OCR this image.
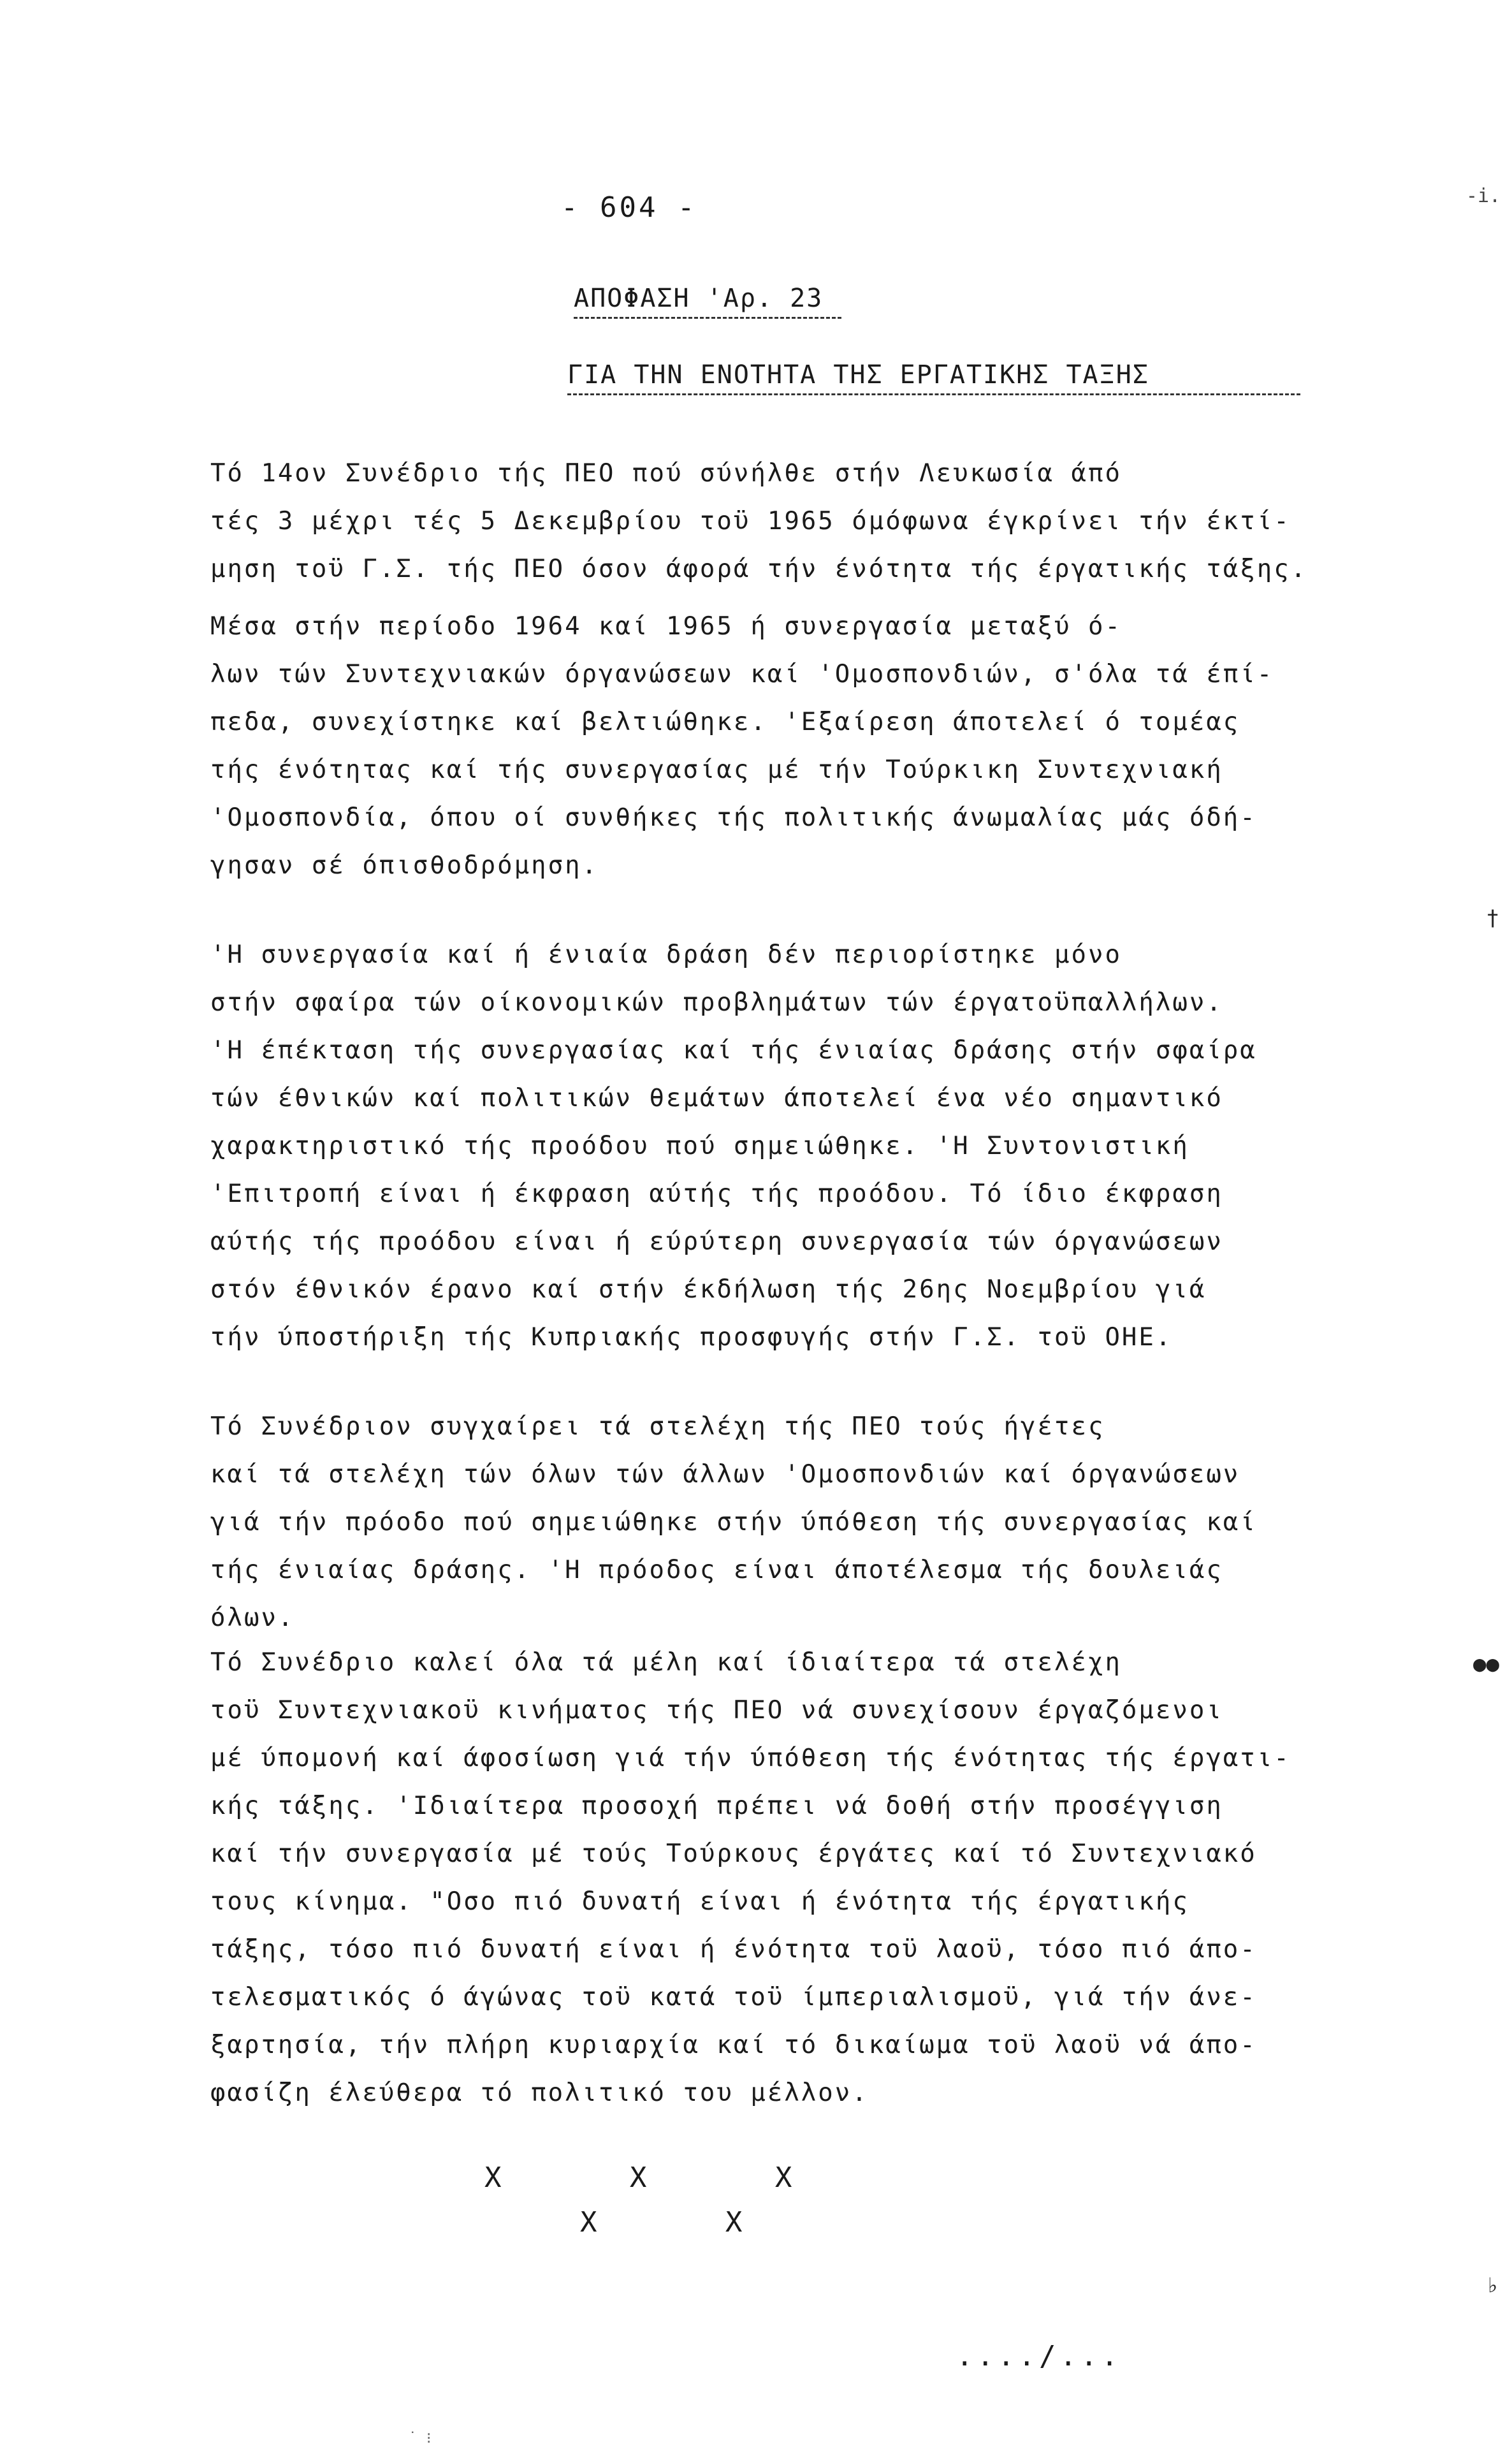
- 604 -	-i.
†
●●
♭
ΑΠΟΦΑΣΗ 'Αρ. 23
ΓΙΑ ΤΗΝ ΕΝΟΤΗΤΑ ΤΗΣ ΕΡΓΑΤΙΚΗΣ ΤΑΞΗΣ

Τό 14ον Συνέδριο τής ΠΕΟ πού σύνήλθε στήν Λευκωσία άπό

τές 3 μέχρι τές 5 Δεκεμβρίου τοϋ 1965 όμόφωνα έγκρίνει τήν έκτί-

μηση τοϋ Γ.Σ. τής ΠΕΟ όσον άφορά τήν ένότητα τής έργατικής τάξης.

Μέσα στήν περίοδο 1964 καί 1965 ή συνεργασία μεταξύ ό-

λων τών Συντεχνιακών όργανώσεων καί 'Ομοσπονδιών, σ'όλα τά έπί-

πεδα, συνεχίστηκε καί βελτιώθηκε. 'Εξαίρεση άποτελεί ό τομέας

τής ένότητας καί τής συνεργασίας μέ τήν Τούρκικη Συντεχνιακή

'Ομοσπονδία, όπου οί συνθήκες τής πολιτικής άνωμαλίας μάς όδή-

γησαν σέ όπισθοδρόμηση.

'Η συνεργασία καί ή ένιαία δράση δέν περιορίστηκε μόνο

στήν σφαίρα τών οίκονομικών προβλημάτων τών έργατοϋπαλλήλων.

'Η έπέκταση τής συνεργασίας καί τής ένιαίας δράσης στήν σφαίρα

τών έθνικών καί πολιτικών θεμάτων άποτελεί ένα νέο σημαντικό

χαρακτηριστικό τής προόδου πού σημειώθηκε. 'Η Συντονιστική

'Επιτροπή είναι ή έκφραση αύτής τής προόδου. Τό ίδιο έκφραση

αύτής τής προόδου είναι ή εύρύτερη συνεργασία τών όργανώσεων

στόν έθνικόν έρανο καί στήν έκδήλωση τής 26ης Νοεμβρίου γιά

τήν ύποστήριξη τής Κυπριακής προσφυγής στήν Γ.Σ. τοϋ ΟΗΕ.

Τό Συνέδριον συγχαίρει τά στελέχη τής ΠΕΟ τούς ήγέτες

καί τά στελέχη τών όλων τών άλλων 'Ομοσπονδιών καί όργανώσεων

γιά τήν πρόοδο πού σημειώθηκε στήν ύπόθεση τής συνεργασίας καί

τής ένιαίας δράσης. 'Η πρόοδος είναι άποτέλεσμα τής δουλειάς

όλων.

Τό Συνέδριο καλεί όλα τά μέλη καί ίδιαίτερα τά στελέχη

τοϋ Συντεχνιακοϋ κινήματος τής ΠΕΟ νά συνεχίσουν έργαζόμενοι

μέ ύπομονή καί άφοσίωση γιά τήν ύπόθεση τής ένότητας τής έργατι-

κής τάξης. 'Ιδιαίτερα προσοχή πρέπει νά δοθή στήν προσέγγιση

καί τήν συνεργασία μέ τούς Τούρκους έργάτες καί τό Συντεχνιακό

τους κίνημα. "Οσο πιό δυνατή είναι ή ένότητα τής έργατικής

τάξης, τόσο πιό δυνατή είναι ή ένότητα τοϋ λαοϋ, τόσο πιό άπο-

τελεσματικός ό άγώνας τοϋ κατά τοϋ ίμπεριαλισμοϋ, γιά τήν άνε-

ξαρτησία, τήν πλήρη κυριαρχία καί τό δικαίωμα τοϋ λαοϋ νά άπο-

φασίζη έλεύθερα τό πολιτικό του μέλλον.

X       X       X
X       X
..../...
˙ ⁝
